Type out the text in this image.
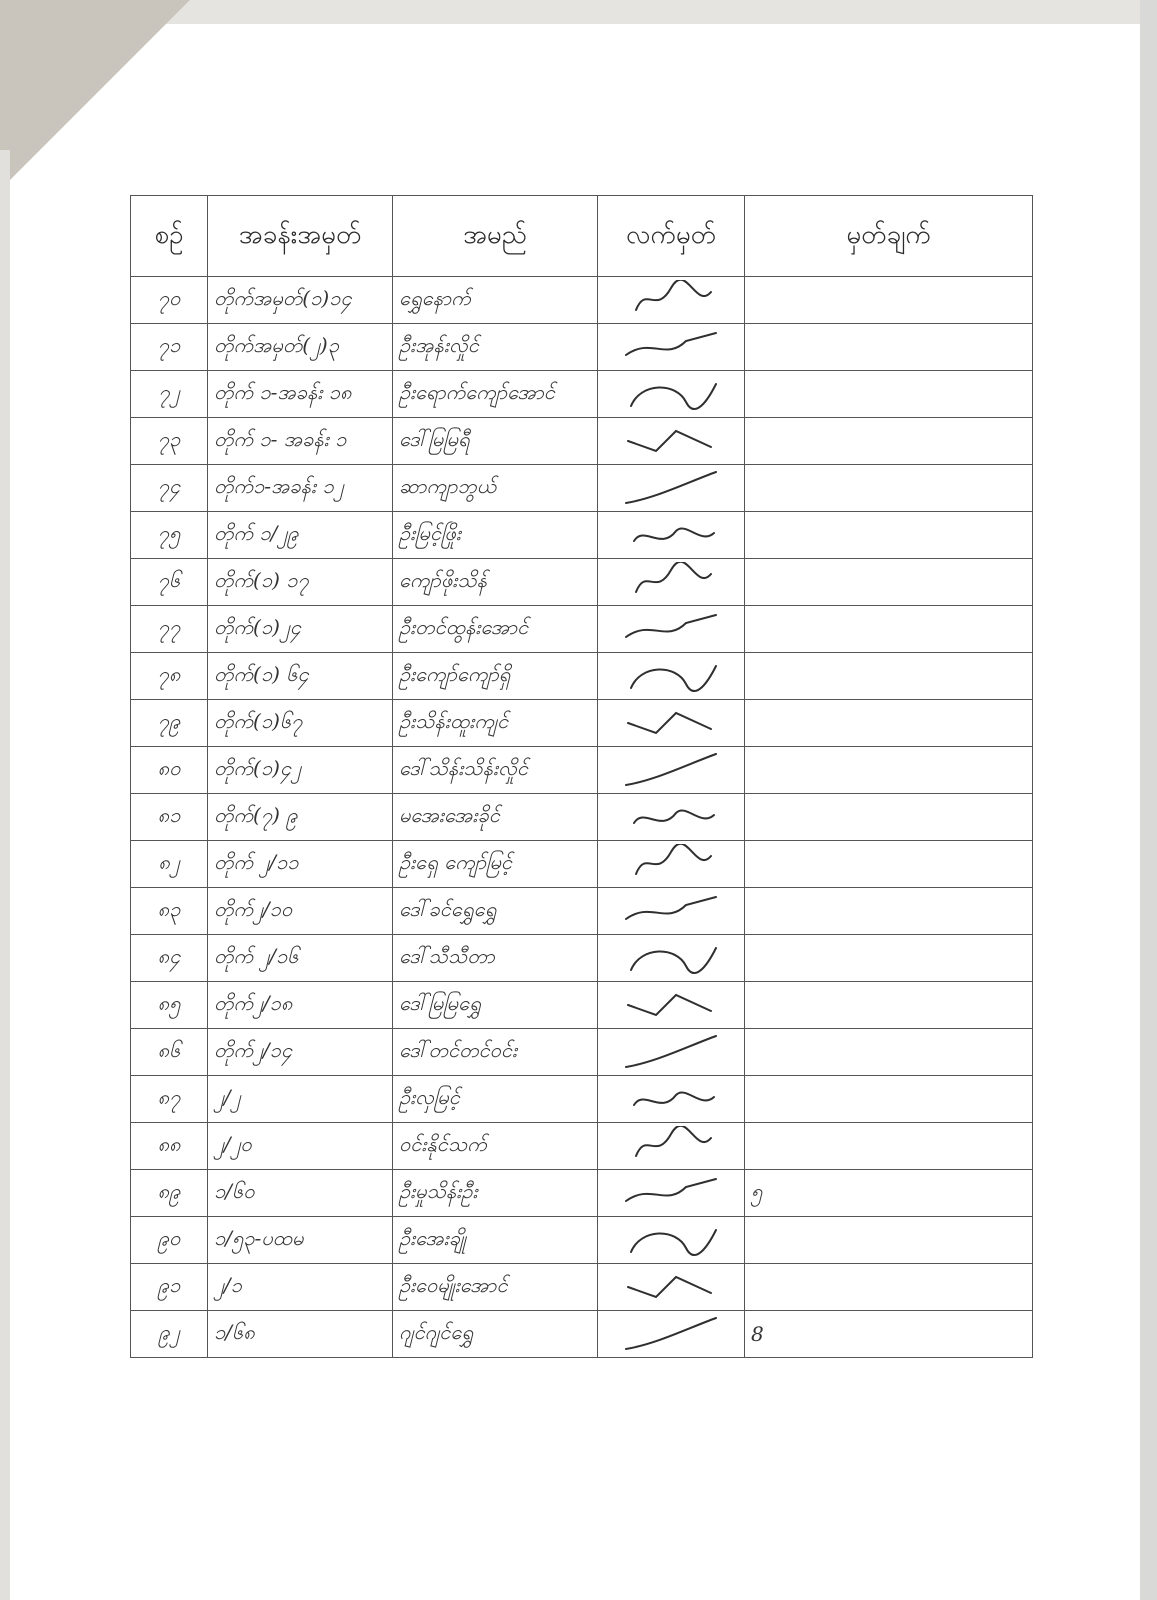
စဉ်	အခန်းအမှတ်	အမည်	လက်မှတ်	မှတ်ချက်
၇၀	တိုက်အမှတ်(၁)၁၄	ရွှေနောက်		
၇၁	တိုက်အမှတ်(၂)၃	ဦးအုန်းလှိုင်		
၇၂	တိုက် ၁-အခန်း ၁၈	ဦးရောက်ကျော်အောင်		
၇၃	တိုက် ၁- အခန်း ၁	ဒေါ်မြမြရီ		
၇၄	တိုက်၁-အခန်း ၁၂	ဆာကျာဘွယ်		
၇၅	တိုက် ၁/၂၉	ဦးမြင့်ဖြိုး		
၇၆	တိုက်(၁) ၁၇	ကျော်ဖိုးသိန်		
၇၇	တိုက်(၁)၂၄	ဦးတင်ထွန်းအောင်		
၇၈	တိုက်(၁) ၆၄	ဦးကျော်ကျော်ရှိ		
၇၉	တိုက်(၁)၆၇	ဦးသိန်းထူးကျင်		
၈၀	တိုက်(၁)၄၂	ဒေါ်သိန်းသိန်းလှိုင်		
၈၁	တိုက်(၇) ၉	မအေးအေးခိုင်		
၈၂	တိုက် ၂/၁၁	ဦးရှေ ကျော်မြင့်		
၈၃	တိုက်၂/၁၀	ဒေါ်ခင်ရွှေရွှေ		
၈၄	တိုက် ၂/၁၆	ဒေါ်သီသီတာ		
၈၅	တိုက်၂/၁၈	ဒေါ်မြမြရွှေ		
၈၆	တိုက်၂/၁၄	ဒေါ်တင်တင်ဝင်း		
၈၇	၂/၂	ဦးလှမြင့်		
၈၈	၂/၂၀	ဝင်းနိုင်သက်		
၈၉	၁/၆၀	ဦးမှုသိန်းဦး		၅
၉၀	၁/၅၃-ပထမ	ဦးအေးချို		
၉၁	၂/၁	ဦးဝေမျိုးအောင်		
၉၂	၁/၆၈	ဂျင်ဂျင်ရွှေ		8
